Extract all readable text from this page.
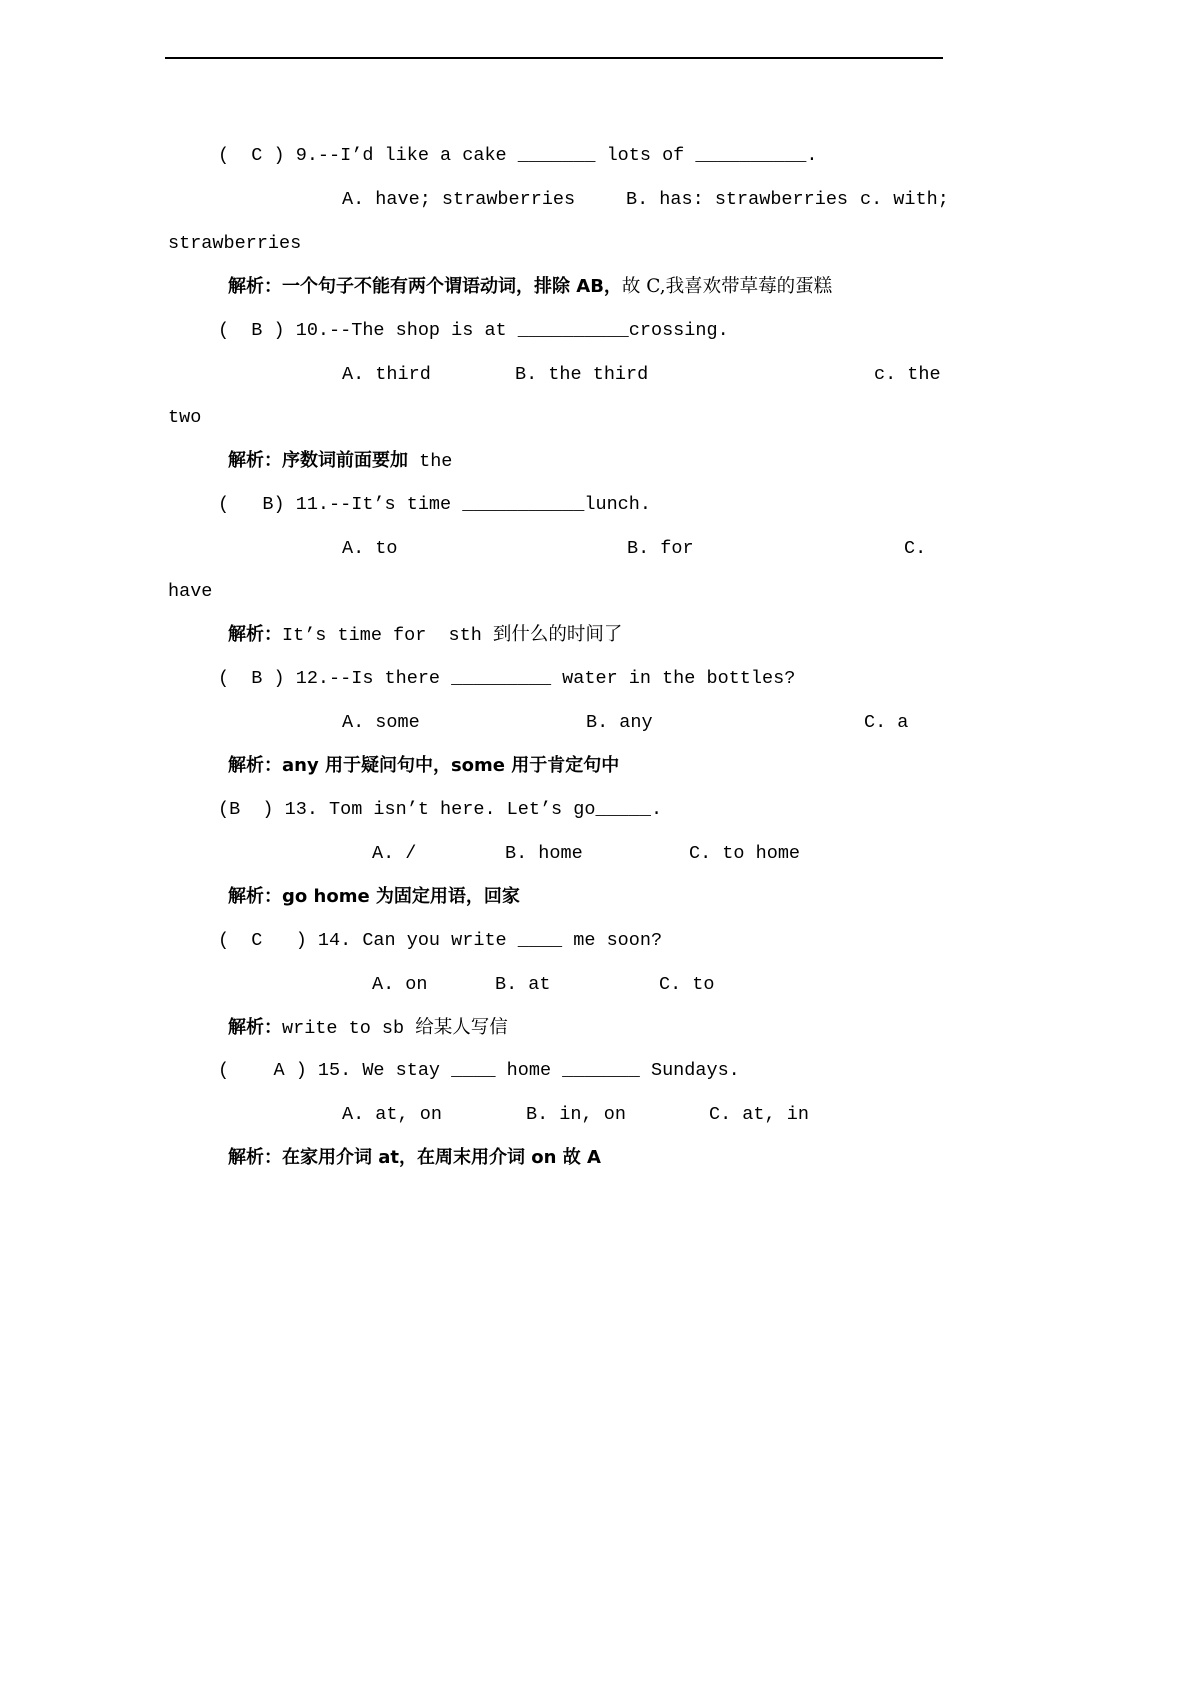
(  C ) 9.--I’d like a cake _______ lots of __________.
A. have; strawberries	B. has: strawberries c. with;
strawberries
解析：一个句子不能有两个谓语动词，排除 AB，故 C,我喜欢带草莓的蛋糕
(  B ) 10.--The shop is at __________crossing.
A. third	B. the third	c. the
two
解析：序数词前面要加 the
(   B) 11.--It’s time ___________lunch.
A. to	B. for	C.
have
解析：It’s time for  sth 到什么的时间了
(  B ) 12.--Is there _________ water in the bottles?
A. some	B. any	C. a
解析：any 用于疑问句中，some 用于肯定句中
(B  ) 13. Tom isn’t here. Let’s go_____.
A. /	B. home	C. to home
解析：go home 为固定用语，回家
(  C   ) 14. Can you write ____ me soon?
A. on	B. at	C. to
解析：write to sb 给某人写信
(    A ) 15. We stay ____ home _______ Sundays.
A. at, on	B. in, on	C. at, in
解析：在家用介词 at，在周末用介词 on 故 A
